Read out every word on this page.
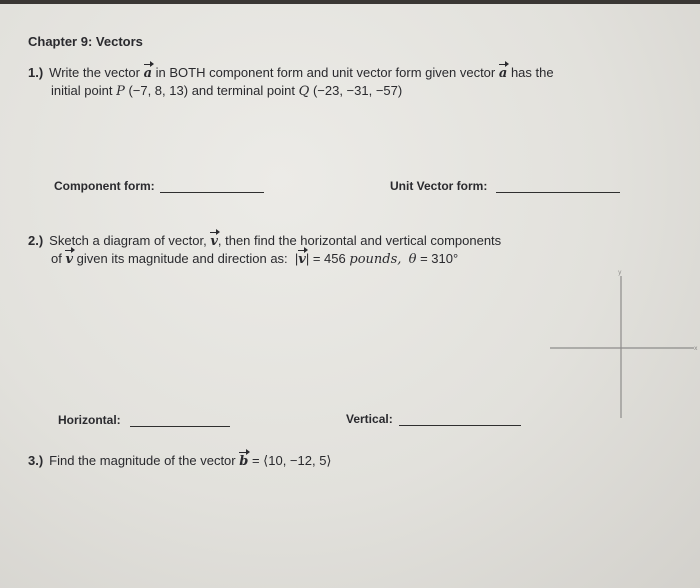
Chapter 9: Vectors
1.) Write the vector a in BOTH component form and unit vector form given vector a has the
initial point P (−7, 8, 13) and terminal point Q (−23, −31, −57)
Component form:	Unit Vector form:
2.) Sketch a diagram of vector, v, then find the horizontal and vertical components
of v given its magnitude and direction as:  |v| = 456 pounds, θ = 310°
y
x
Horizontal:	Vertical:
3.) Find the magnitude of the vector b = ⟨10, −12, 5⟩
